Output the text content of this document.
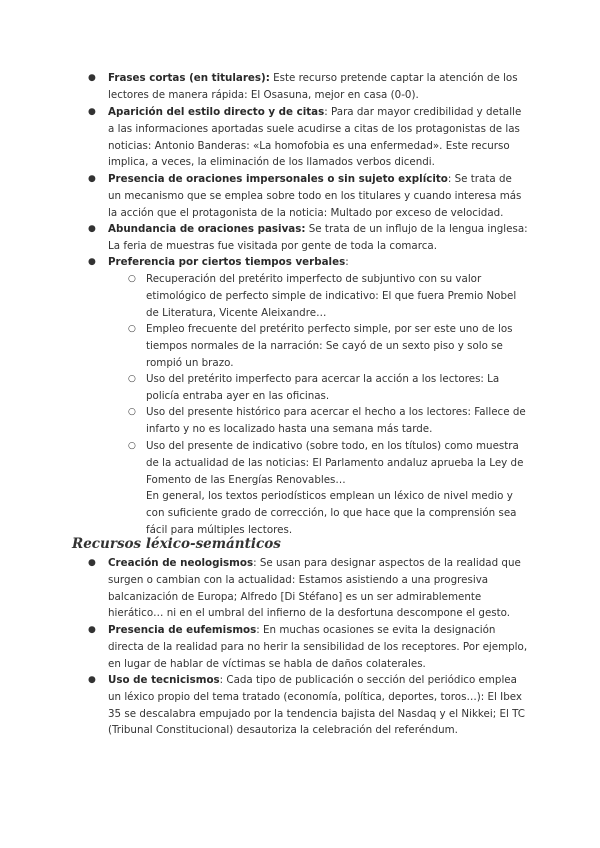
● Frases cortas (en titulares): Este recurso pretende captar la atención de los lectores de manera rápida: El Osasuna, mejor en casa (0-0).

● Aparición del estilo directo y de citas: Para dar mayor credibilidad y detalle a las informaciones aportadas suele acudirse a citas de los protagonistas de las noticias: Antonio Banderas: «La homofobia es una enfermedad». Este recurso implica, a veces, la eliminación de los llamados verbos dicendi.

● Presencia de oraciones impersonales o sin sujeto explícito: Se trata de un mecanismo que se emplea sobre todo en los titulares y cuando interesa más la acción que el protagonista de la noticia: Multado por exceso de velocidad.

● Abundancia de oraciones pasivas: Se trata de un influjo de la lengua inglesa: La feria de muestras fue visitada por gente de toda la comarca.

● Preferencia por ciertos tiempos verbales:

○ Recuperación del pretérito imperfecto de subjuntivo con su valor etimológico de perfecto simple de indicativo: El que fuera Premio Nobel de Literatura, Vicente Aleixandre…

○ Empleo frecuente del pretérito perfecto simple, por ser este uno de los tiempos normales de la narración: Se cayó de un sexto piso y solo se rompió un brazo.

○ Uso del pretérito imperfecto para acercar la acción a los lectores: La policía entraba ayer en las oficinas.

○ Uso del presente histórico para acercar el hecho a los lectores: Fallece de infarto y no es localizado hasta una semana más tarde.

○ Uso del presente de indicativo (sobre todo, en los títulos) como muestra de la actualidad de las noticias: El Parlamento andaluz aprueba la Ley de Fomento de las Energías Renovables…

En general, los textos periodísticos emplean un léxico de nivel medio y con suficiente grado de corrección, lo que hace que la comprensión sea fácil para múltiples lectores.

Recursos léxico-semánticos
● Creación de neologismos: Se usan para designar aspectos de la realidad que surgen o cambian con la actualidad: Estamos asistiendo a una progresiva balcanización de Europa; Alfredo [Di Stéfano] es un ser admirablemente hierático… ni en el umbral del infierno de la desfortuna descompone el gesto.

● Presencia de eufemismos: En muchas ocasiones se evita la designación directa de la realidad para no herir la sensibilidad de los receptores. Por ejemplo, en lugar de hablar de víctimas se habla de daños colaterales.

● Uso de tecnicismos: Cada tipo de publicación o sección del periódico emplea un léxico propio del tema tratado (economía, política, deportes, toros…): El Ibex 35 se descalabra empujado por la tendencia bajista del Nasdaq y el Nikkei; El TC (Tribunal Constitucional) desautoriza la celebración del referéndum.
